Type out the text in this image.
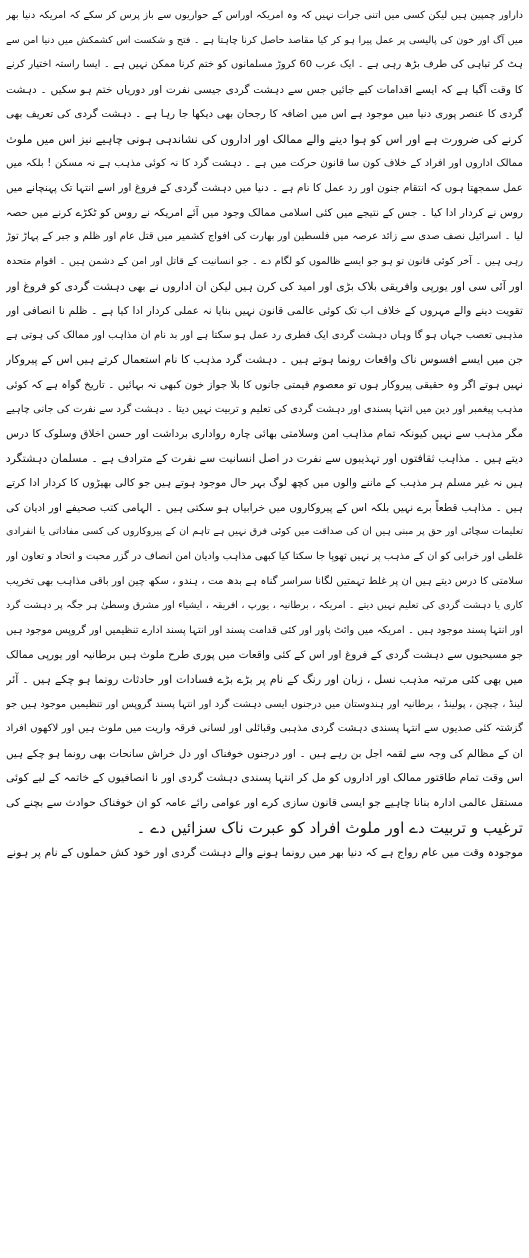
داراور چمپین ہیں لیکن کسی میں اتنی جرات نہیں کہ وہ امریکہ اوراس کے حواریوں سے باز پرس کر سکے کہ امریکہ دنیا بھر
میں آگ اور خون کی پالیسی پر عمل پیرا ہو کر کیا مقاصد حاصل کرنا چاہتا ہے ۔ فتح و شکست اس کشمکش میں دنیا امن سے
ہٹ کر تباہی کی طرف بڑھ رہی ہے ۔ ایک عرب 60 کروڑ مسلمانوں کو ختم کرنا ممکن نہیں ہے ۔ ایسا راستہ اختیار کرنے
کا وقت آگیا ہے کہ ایسے اقدامات کیے جائیں جس سے دہشت گردی جیسی نفرت اور دوریاں ختم ہو سکیں ۔ دہشت
گردی کا عنصر پوری دنیا میں موجود ہے اس میں اضافہ کا رجحان بھی دیکھا جا رہا ہے ۔ دہشت گردی کی تعریف بھی
کرنے کی ضرورت ہے اور اس کو ہوا دینے والے ممالک اور اداروں کی نشاندہی ہونی چاہیے نیز اس میں ملوث
ممالک اداروں اور افراد کے خلاف کون سا قانون حرکت میں ہے ۔ دہشت گرد کا نہ کوئی مذہب ہے نہ مسکن ! بلکہ میں
عمل سمجھتا ہوں کہ انتقام جنون اور رد عمل کا نام ہے ۔ دنیا میں دہشت گردی کے فروغ اور اسے انتہا تک پہنچانے میں
روس نے کردار ادا کیا ۔ جس کے نتیجے میں کئی اسلامی ممالک وجود میں آئے امریکہ نے روس کو ٹکڑے کرنے میں حصہ
لیا ۔ اسرائیل نصف صدی سے زائد عرصہ میں فلسطین اور بھارت کی افواج کشمیر میں قتل عام اور ظلم و جبر کے پہاڑ توڑ
رہی ہیں ۔ آخر کوئی قانون تو ہو جو ایسے ظالموں کو لگام دے ۔ جو انسانیت کے قاتل اور امن کے دشمن ہیں ۔ اقوام متحدہ
اور آئی سی اور یورپی وافریقی بلاک بڑی اور امید کی کرن ہیں لیکن ان اداروں نے بھی دہشت گردی کو فروغ اور
تقویت دینے والے مہروں کے خلاف اب تک کوئی عالمی قانون نہیں بنایا نہ عملی کردار ادا کیا ہے ۔ ظلم نا انصافی اور
مذہبی تعصب جہاں ہو گا وہاں دہشت گردی ایک فطری رد عمل ہو سکتا ہے اور بد نام ان مذاہب اور ممالک کی ہوتی ہے
جن میں ایسے افسوس ناک واقعات رونما ہوتے ہیں ۔ دہشت گرد مذہب کا نام استعمال کرتے ہیں اس کے پیروکار
نہیں ہوتے اگر وہ حقیقی پیروکار ہوں تو معصوم قیمتی جانوں کا بلا جواز خون کبھی نہ بہائیں ۔ تاریخ گواہ ہے کہ کوئی
مذہب پیغمبر اور دین میں انتہا پسندی اور دہشت گردی کی تعلیم و تربیت نہیں دیتا ۔ دہشت گرد سے نفرت کی جانی چاہیے
مگر مذہب سے نہیں کیونکہ تمام مذاہب امن وسلامتی بھائی چارہ رواداری برداشت اور حسن اخلاق وسلوک کا درس
دیتے ہیں ۔ مذاہب ثقافتوں اور تہذیبوں سے نفرت در اصل انسانیت سے نفرت کے مترادف ہے ۔ مسلمان دہشتگرد
ہیں نہ غیر مسلم ہر مذہب کے ماننے والوں میں کچھ لوگ بہر حال موجود ہوتے ہیں جو کالی بھیڑوں کا کردار ادا کرتے
ہیں ۔ مذاہب قطعاً برے نہیں بلکہ اس کے پیروکاروں میں خرابیاں ہو سکتی ہیں ۔ الہامی کتب صحیفے اور ادیان کی
تعلیمات سچائی اور حق پر مبنی ہیں ان کی صداقت میں کوئی فرق نہیں ہے تاہم ان کے پیروکاروں کی کسی مفاداتی یا انفرادی
غلطی اور خرابی کو ان کے مذہب پر نہیں تھوپا جا سکتا کیا کبھی مذاہب وادیان امن انصاف در گزر محبت و اتحاد و تعاون اور
سلامتی کا درس دیتے ہیں ان پر غلط تہمتیں لگانا سراسر گناہ ہے بدھ مت ، ہندو ، سکھ چین اور باقی مذاہب بھی تخریب
کاری یا دہشت گردی کی تعلیم نہیں دیتے ۔ امریکہ ، برطانیہ ، یورپ ، افریقہ ، ایشیاء اور مشرق وسطیٰ ہر جگہ پر دہشت گرد
اور انتہا پسند موجود ہیں ۔ امریکہ میں وائٹ پاور اور کئی قدامت پسند اور انتہا پسند ادارے تنظیمیں اور گروپس موجود ہیں
جو مسیحیوں سے دہشت گردی کے فروغ اور اس کے کئی واقعات میں پوری طرح ملوث ہیں برطانیہ اور یورپی ممالک
میں بھی کئی مرتبہ مذہب نسل ، زبان اور رنگ کے نام پر بڑے بڑے فسادات اور حادثات رونما ہو چکے ہیں ۔ آئر
لینڈ ، چیچن ، پولینڈ ، برطانیہ اور ہندوستان میں درجنوں ایسی دہشت گرد اور انتہا پسند گروپس اور تنظیمیں موجود ہیں جو
گزشتہ کئی صدیوں سے انتہا پسندی دہشت گردی مذہبی وقبائلی اور لسانی فرقہ واریت میں ملوث ہیں اور لاکھوں افراد
ان کے مظالم کی وجہ سے لقمہ اجل بن رہے ہیں ۔ اور درجنوں خوفناک اور دل خراش سانحات بھی رونما ہو چکے ہیں
اس وقت تمام طاقتور ممالک اور اداروں کو مل کر انتہا پسندی دہشت گردی اور نا انصافیوں کے خاتمہ کے لیے کوئی
مستقل عالمی ادارہ بنانا چاہیے جو ایسی قانون سازی کرے اور عوامی رائے عامہ کو ان خوفناک حوادث سے بچنے کی
ترغیب و تربیت دے اور ملوث افراد کو عبرت ناک سزائیں دے ۔
موجودہ وقت میں عام رواج ہے کہ دنیا بھر میں رونما ہونے والے دہشت گردی اور خود کش حملوں کے نام پر ہونے
